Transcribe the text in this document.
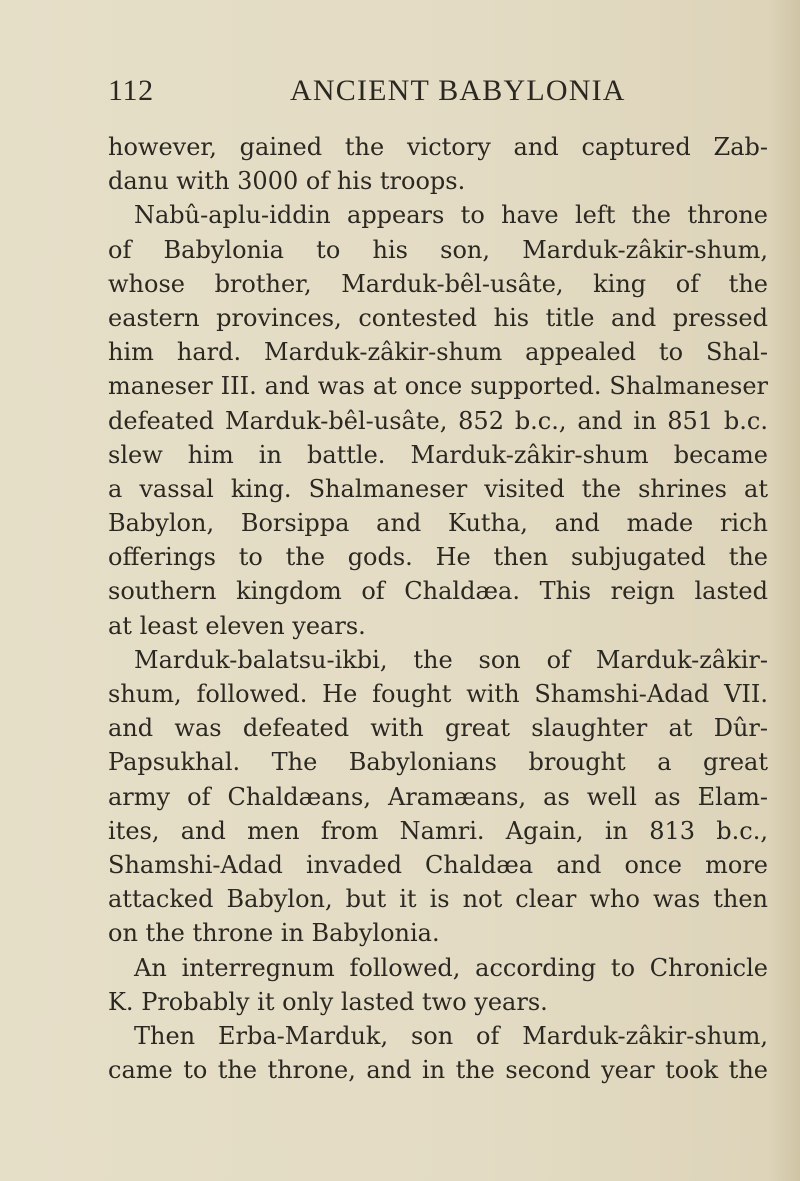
112	ANCIENT BABYLONIA
however, gained the victory and captured Zab-
danu with 3000 of his troops.
Nabû-aplu-iddin appears to have left the throne
of Babylonia to his son, Marduk-zâkir-shum,
whose brother, Marduk-bêl-usâte, king of the
eastern provinces, contested his title and pressed
him hard. Marduk-zâkir-shum appealed to Shal-
maneser III. and was at once supported. Shalmaneser
defeated Marduk-bêl-usâte, 852 b.c., and in 851 b.c.
slew him in battle. Marduk-zâkir-shum became
a vassal king. Shalmaneser visited the shrines at
Babylon, Borsippa and Kutha, and made rich
offerings to the gods. He then subjugated the
southern kingdom of Chaldæa. This reign lasted
at least eleven years.
Marduk-balatsu-ikbi, the son of Marduk-zâkir-
shum, followed. He fought with Shamshi-Adad VII.
and was defeated with great slaughter at Dûr-
Papsukhal. The Babylonians brought a great
army of Chaldæans, Aramæans, as well as Elam-
ites, and men from Namri. Again, in 813 b.c.,
Shamshi-Adad invaded Chaldæa and once more
attacked Babylon, but it is not clear who was then
on the throne in Babylonia.
An interregnum followed, according to Chronicle
K. Probably it only lasted two years.
Then Erba-Marduk, son of Marduk-zâkir-shum,
came to the throne, and in the second year took the
